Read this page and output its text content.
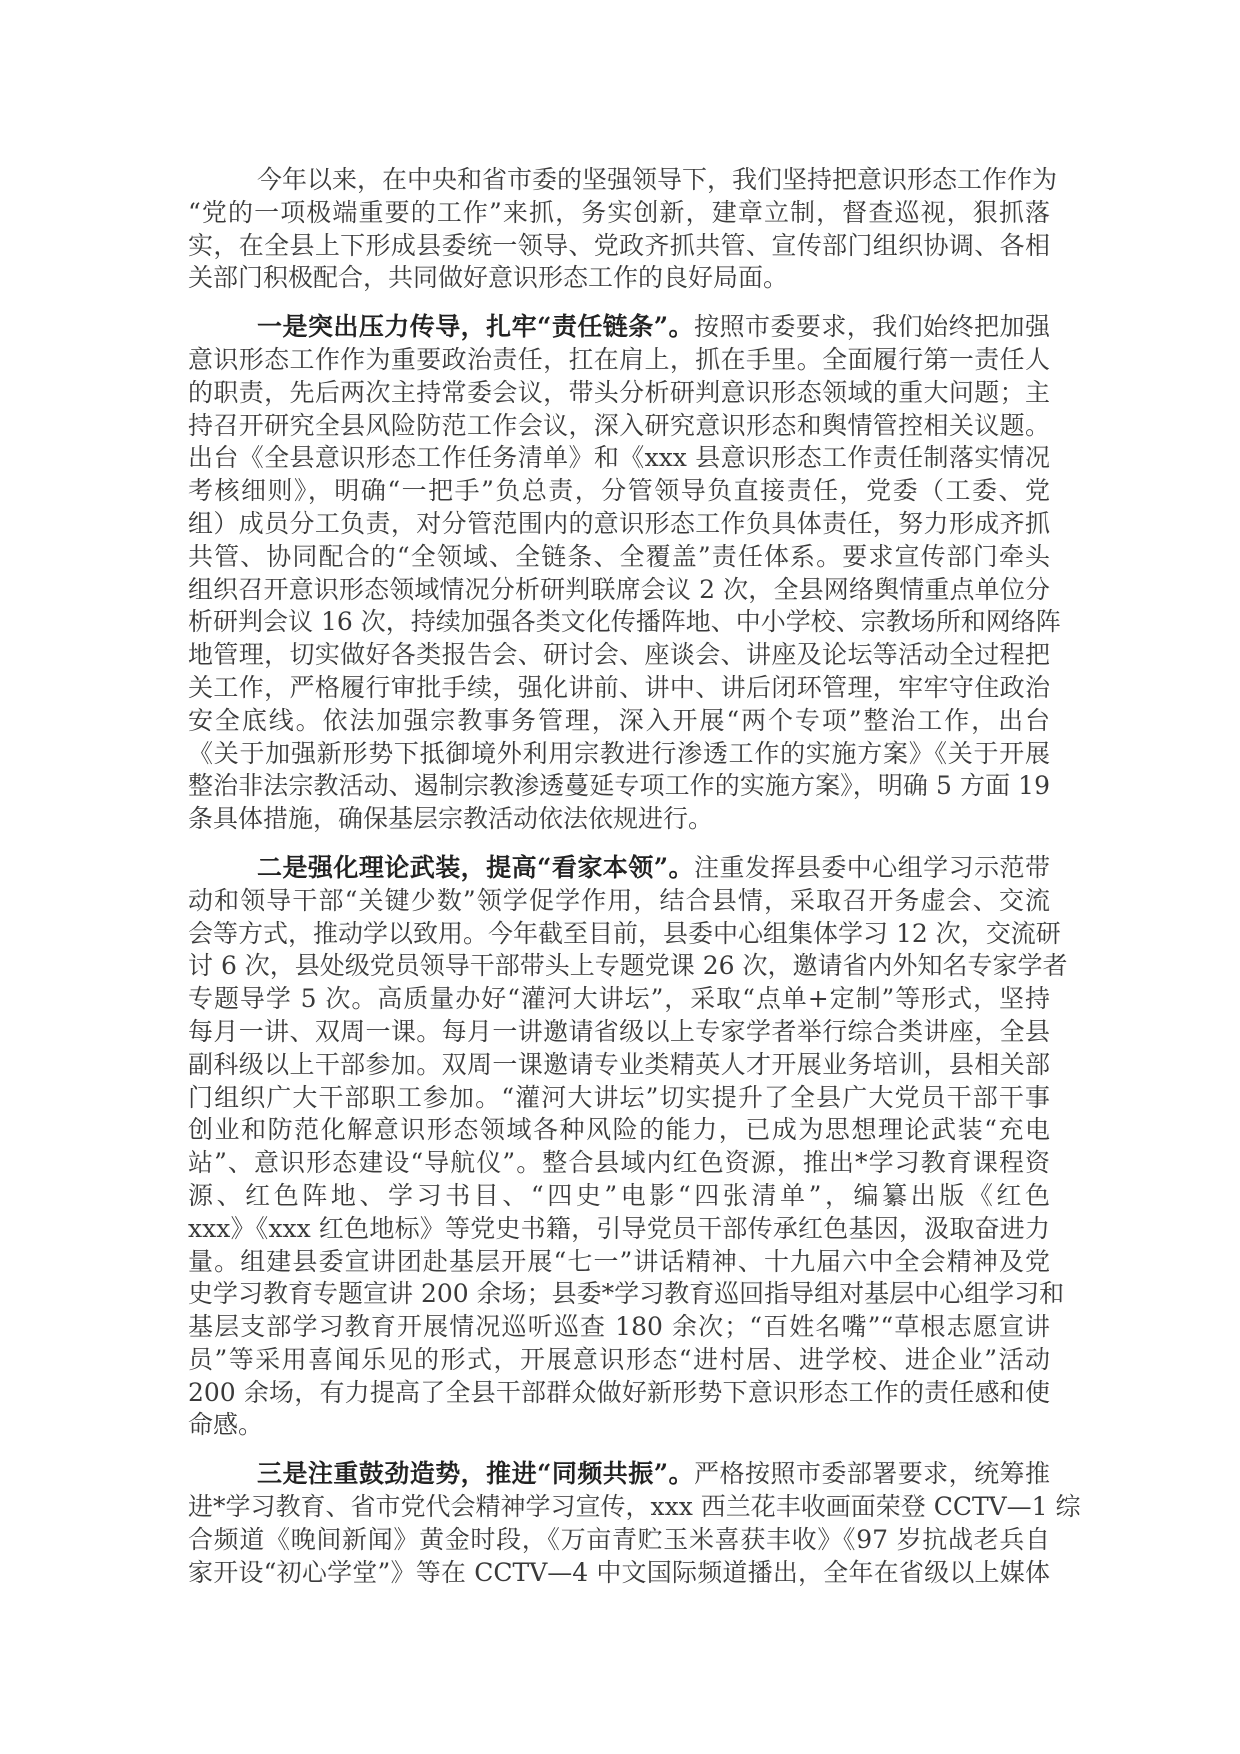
今年以来，在中央和省市委的坚强领导下，我们坚持把意识形态工作作为
“党的一项极端重要的工作”来抓，务实创新，建章立制，督查巡视，狠抓落
实，在全县上下形成县委统一领导、党政齐抓共管、宣传部门组织协调、各相
关部门积极配合，共同做好意识形态工作的良好局面。
一是突出压力传导，扎牢“责任链条”。按照市委要求，我们始终把加强
意识形态工作作为重要政治责任，扛在肩上，抓在手里。全面履行第一责任人
的职责，先后两次主持常委会议，带头分析研判意识形态领域的重大问题；主
持召开研究全县风险防范工作会议，深入研究意识形态和舆情管控相关议题。
出台《全县意识形态工作任务清单》和《xxx 县意识形态工作责任制落实情况
考核细则》，明确“一把手”负总责，分管领导负直接责任，党委（工委、党
组）成员分工负责，对分管范围内的意识形态工作负具体责任，努力形成齐抓
共管、协同配合的“全领域、全链条、全覆盖”责任体系。要求宣传部门牵头
组织召开意识形态领域情况分析研判联席会议 2 次，全县网络舆情重点单位分
析研判会议 16 次，持续加强各类文化传播阵地、中小学校、宗教场所和网络阵
地管理，切实做好各类报告会、研讨会、座谈会、讲座及论坛等活动全过程把
关工作，严格履行审批手续，强化讲前、讲中、讲后闭环管理，牢牢守住政治
安全底线。依法加强宗教事务管理，深入开展“两个专项”整治工作，出台
《关于加强新形势下抵御境外利用宗教进行渗透工作的实施方案》《关于开展
整治非法宗教活动、遏制宗教渗透蔓延专项工作的实施方案》，明确 5 方面 19
条具体措施，确保基层宗教活动依法依规进行。
二是强化理论武装，提高“看家本领”。注重发挥县委中心组学习示范带
动和领导干部“关键少数”领学促学作用，结合县情，采取召开务虚会、交流
会等方式，推动学以致用。今年截至目前，县委中心组集体学习 12 次，交流研
讨 6 次，县处级党员领导干部带头上专题党课 26 次，邀请省内外知名专家学者
专题导学 5 次。高质量办好“灌河大讲坛”，采取“点单+定制”等形式，坚持
每月一讲、双周一课。每月一讲邀请省级以上专家学者举行综合类讲座，全县
副科级以上干部参加。双周一课邀请专业类精英人才开展业务培训，县相关部
门组织广大干部职工参加。“灌河大讲坛”切实提升了全县广大党员干部干事
创业和防范化解意识形态领域各种风险的能力，已成为思想理论武装“充电
站”、意识形态建设“导航仪”。整合县域内红色资源，推出*学习教育课程资
源、红色阵地、学习书目、“四史”电影“四张清单”，编纂出版《红色
xxx》《xxx 红色地标》等党史书籍，引导党员干部传承红色基因，汲取奋进力
量。组建县委宣讲团赴基层开展“七一”讲话精神、十九届六中全会精神及党
史学习教育专题宣讲 200 余场；县委*学习教育巡回指导组对基层中心组学习和
基层支部学习教育开展情况巡听巡查 180 余次；“百姓名嘴”“草根志愿宣讲
员”等采用喜闻乐见的形式，开展意识形态“进村居、进学校、进企业”活动
200 余场，有力提高了全县干部群众做好新形势下意识形态工作的责任感和使
命感。
三是注重鼓劲造势，推进“同频共振”。严格按照市委部署要求，统筹推
进*学习教育、省市党代会精神学习宣传，xxx 西兰花丰收画面荣登 CCTV—1 综
合频道《晚间新闻》黄金时段，《万亩青贮玉米喜获丰收》《97 岁抗战老兵自
家开设“初心学堂”》等在 CCTV—4 中文国际频道播出，全年在省级以上媒体
